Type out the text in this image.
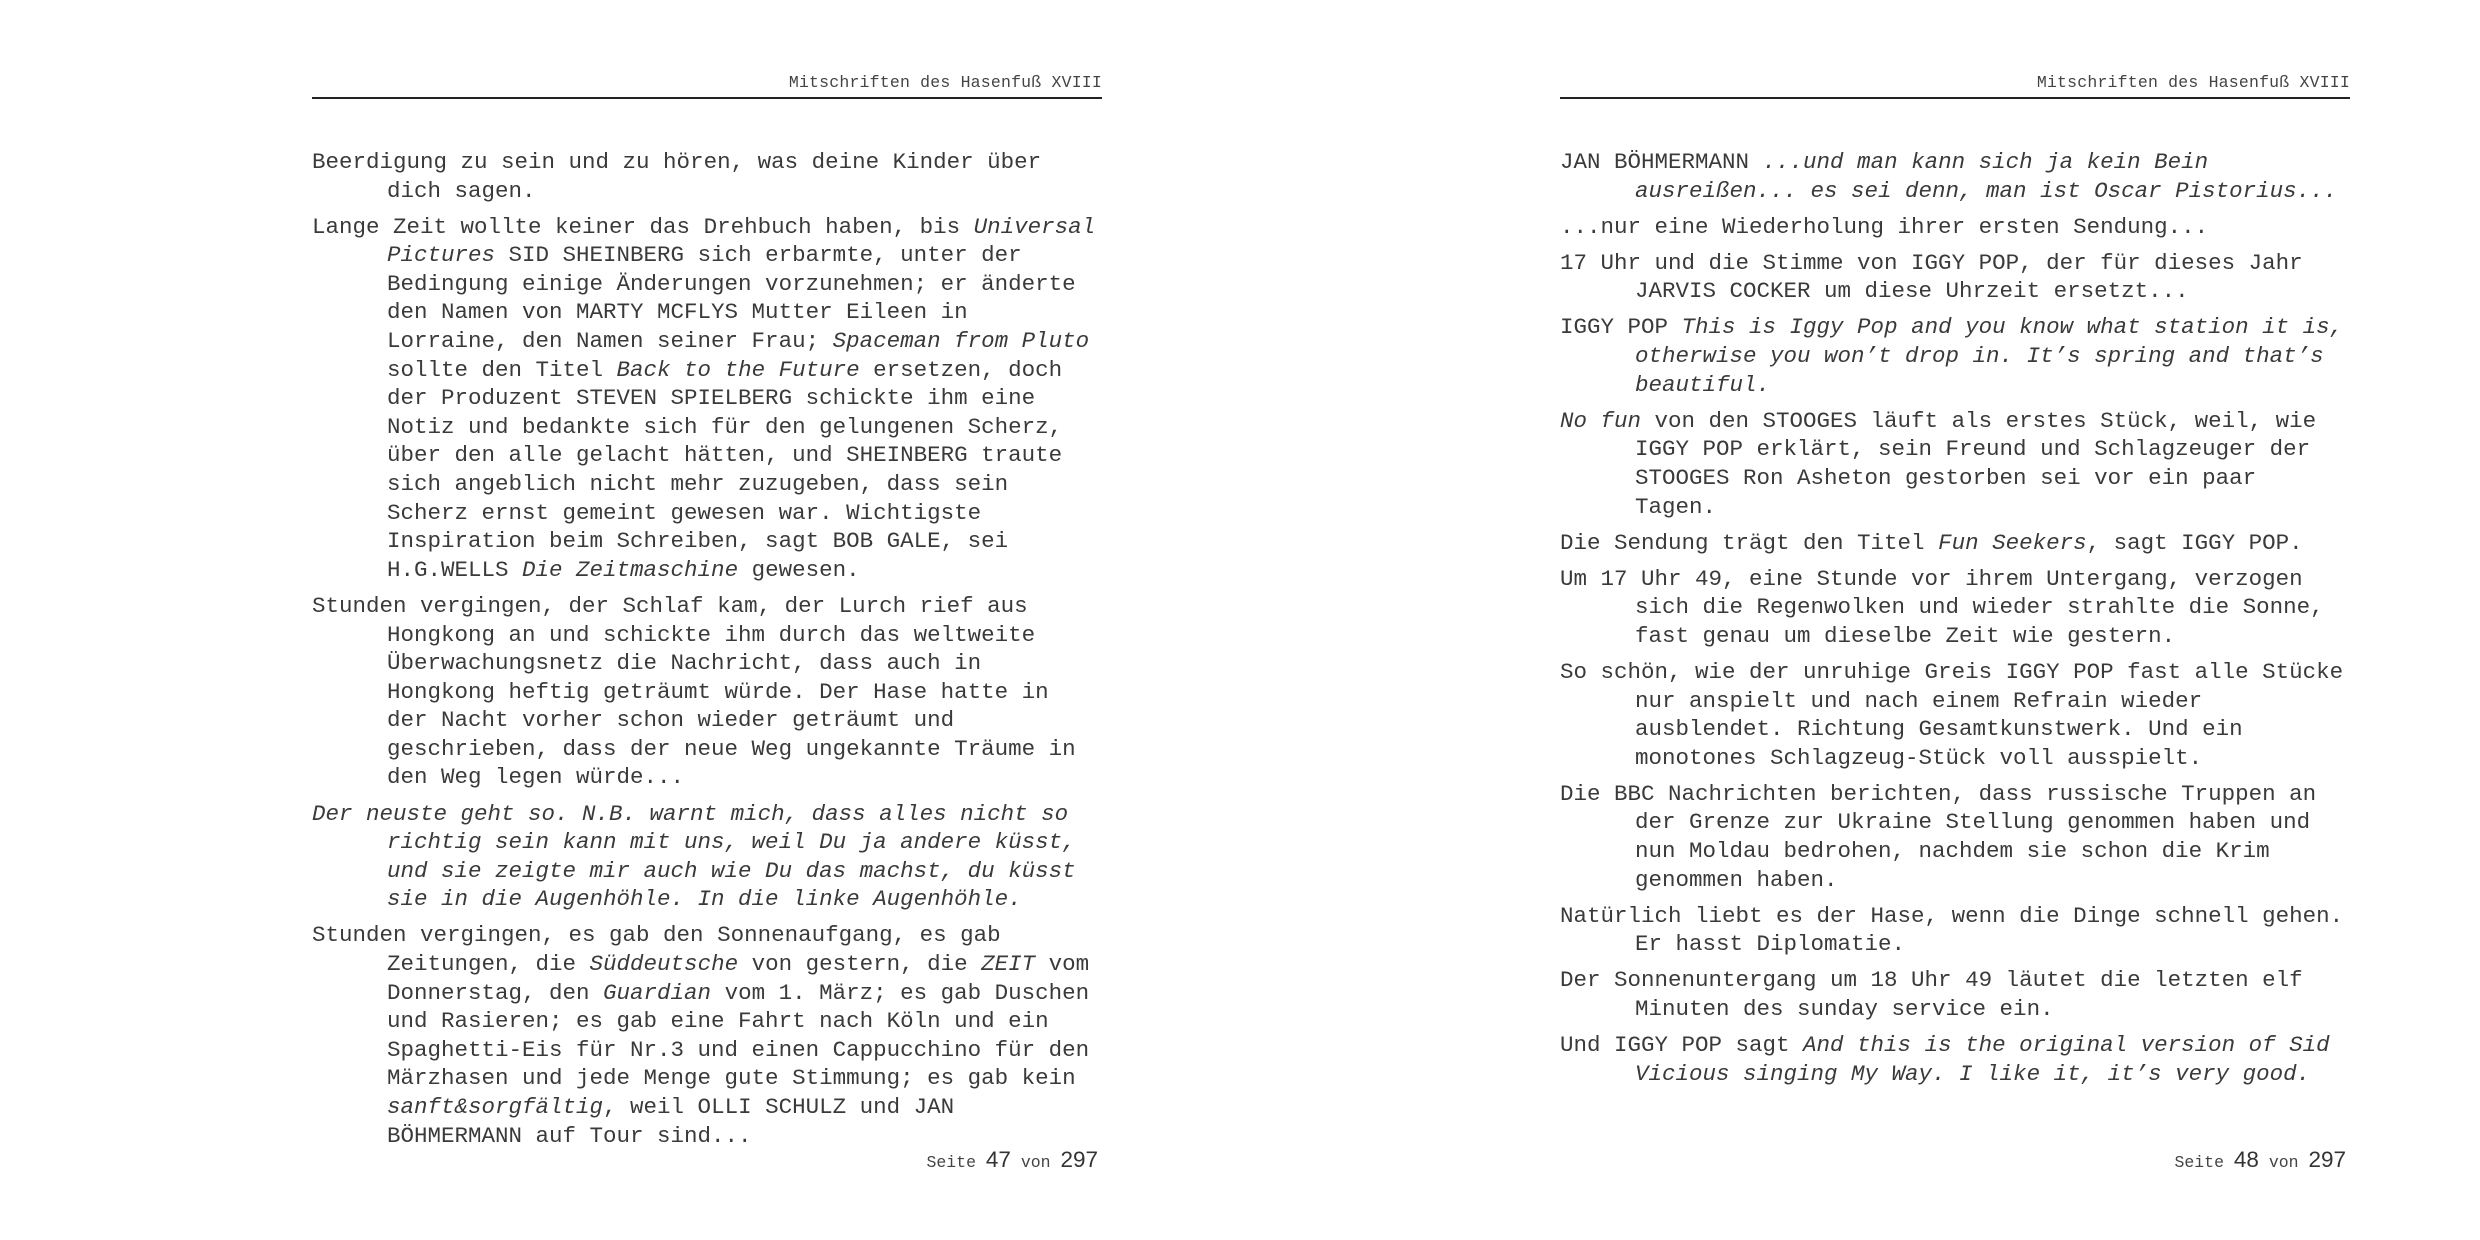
Mitschriften des Hasenfuß XVIII

Beerdigung zu sein und zu hören, was deine Kinder über dich sagen.

Lange Zeit wollte keiner das Drehbuch haben, bis Universal Pictures SID SHEINBERG sich erbarmte, unter der Bedingung einige Änderungen vorzunehmen; er änderte den Namen von MARTY MCFLYS Mutter Eileen in Lorraine, den Namen seiner Frau; Spaceman from Pluto sollte den Titel Back to the Future ersetzen, doch der Produzent STEVEN SPIELBERG schickte ihm eine Notiz und bedankte sich für den gelungenen Scherz, über den alle gelacht hätten, und SHEINBERG traute sich angeblich nicht mehr zuzugeben, dass sein Scherz ernst gemeint gewesen war. Wichtigste Inspiration beim Schreiben, sagt BOB GALE, sei H.G.WELLS Die Zeitmaschine gewesen.

Stunden vergingen, der Schlaf kam, der Lurch rief aus Hongkong an und schickte ihm durch das weltweite Überwachungsnetz die Nachricht, dass auch in Hongkong heftig geträumt würde. Der Hase hatte in der Nacht vorher schon wieder geträumt und geschrieben, dass der neue Weg ungekannte Träume in den Weg legen würde...

Der neuste geht so. N.B. warnt mich, dass alles nicht so richtig sein kann mit uns, weil Du ja andere küsst, und sie zeigte mir auch wie Du das machst, du küsst sie in die Augenhöhle. In die linke Augenhöhle.

Stunden vergingen, es gab den Sonnenaufgang, es gab Zeitungen, die Süddeutsche von gestern, die ZEIT vom Donnerstag, den Guardian vom 1. März; es gab Duschen und Rasieren; es gab eine Fahrt nach Köln und ein Spaghetti-Eis für Nr.3 und einen Cappucchino für den Märzhasen und jede Menge gute Stimmung; es gab kein sanft&sorgfältig, weil OLLI SCHULZ und JAN BÖHMERMANN auf Tour sind...

Seite 47 von 297
Mitschriften des Hasenfuß XVIII

JAN BÖHMERMANN ...und man kann sich ja kein Bein ausreißen... es sei denn, man ist Oscar Pistorius...

...nur eine Wiederholung ihrer ersten Sendung...

17 Uhr und die Stimme von IGGY POP, der für dieses Jahr JARVIS COCKER um diese Uhrzeit ersetzt...

IGGY POP This is Iggy Pop and you know what station it is, otherwise you won’t drop in. It’s spring and that’s beautiful.

No fun von den STOOGES läuft als erstes Stück, weil, wie IGGY POP erklärt, sein Freund und Schlagzeuger der STOOGES Ron Asheton gestorben sei vor ein paar Tagen.

Die Sendung trägt den Titel Fun Seekers, sagt IGGY POP.

Um 17 Uhr 49, eine Stunde vor ihrem Untergang, verzogen sich die Regenwolken und wieder strahlte die Sonne, fast genau um dieselbe Zeit wie gestern.

So schön, wie der unruhige Greis IGGY POP fast alle Stücke nur anspielt und nach einem Refrain wieder ausblendet. Richtung Gesamtkunstwerk. Und ein monotones Schlagzeug-Stück voll ausspielt.

Die BBC Nachrichten berichten, dass russische Truppen an der Grenze zur Ukraine Stellung genommen haben und nun Moldau bedrohen, nachdem sie schon die Krim genommen haben.

Natürlich liebt es der Hase, wenn die Dinge schnell gehen. Er hasst Diplomatie.

Der Sonnenuntergang um 18 Uhr 49 läutet die letzten elf Minuten des sunday service ein.

Und IGGY POP sagt And this is the original version of Sid Vicious singing My Way. I like it, it’s very good.

Seite 48 von 297
